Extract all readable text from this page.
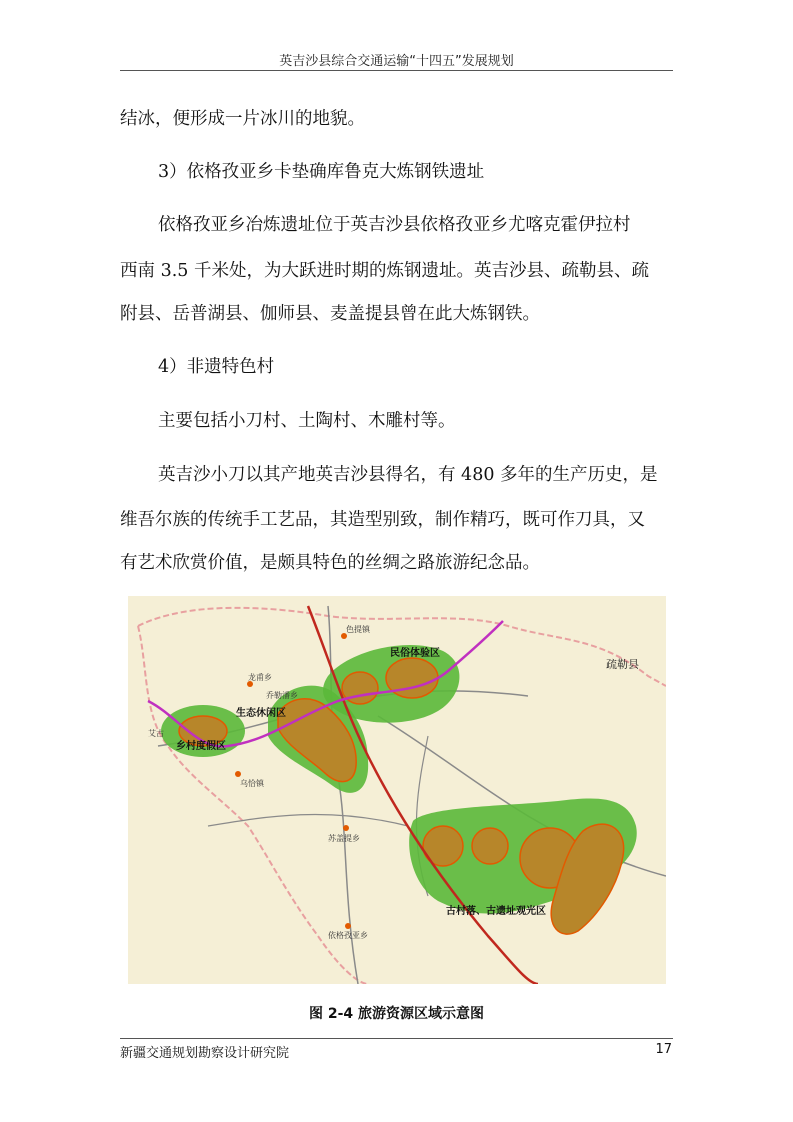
英吉沙县综合交通运输“十四五”发展规划

结冰，便形成一片冰川的地貌。

3）依格孜亚乡卡垫确库鲁克大炼钢铁遗址

依格孜亚乡冶炼遗址位于英吉沙县依格孜亚乡尤喀克霍伊拉村

西南 3.5 千米处，为大跃进时期的炼钢遗址。英吉沙县、疏勒县、疏

附县、岳普湖县、伽师县、麦盖提县曾在此大炼钢铁。

4）非遗特色村

主要包括小刀村、土陶村、木雕村等。

英吉沙小刀以其产地英吉沙县得名，有 480 多年的生产历史，是

维吾尔族的传统手工艺品，其造型别致，制作精巧，既可作刀具，又

有艺术欣赏价值，是颇具特色的丝绸之路旅游纪念品。

疏勒县
民俗体验区
生态休闲区
乡村度假区
古村落、古遗址观光区
色提镇
龙甫乡
乔勒潘乡
乌恰镇
苏盖提乡
依格孜亚乡
艾古
图 2-4 旅游资源区域示意图
新疆交通规划勘察设计研究院	17
